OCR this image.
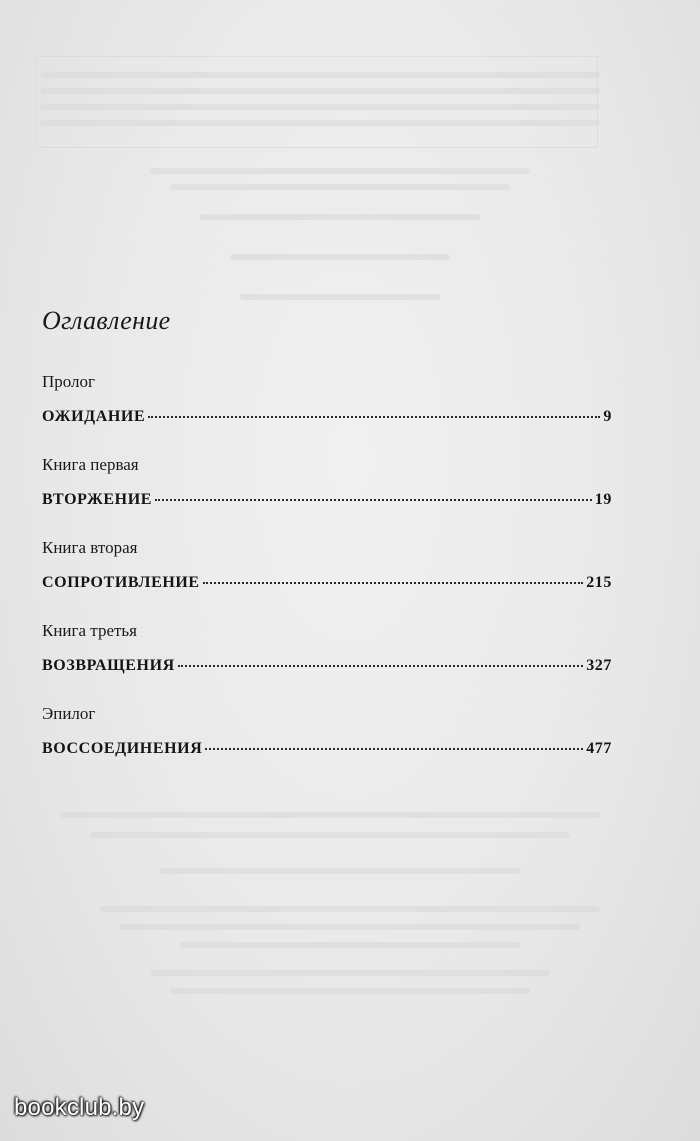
Оглавление
Пролог
ОЖИДАНИЕ	9
Книга первая
ВТОРЖЕНИЕ	19
Книга вторая
СОПРОТИВЛЕНИЕ	215
Книга третья
ВОЗВРАЩЕНИЯ	327
Эпилог
ВОССОЕДИНЕНИЯ	477
bookclub.by
